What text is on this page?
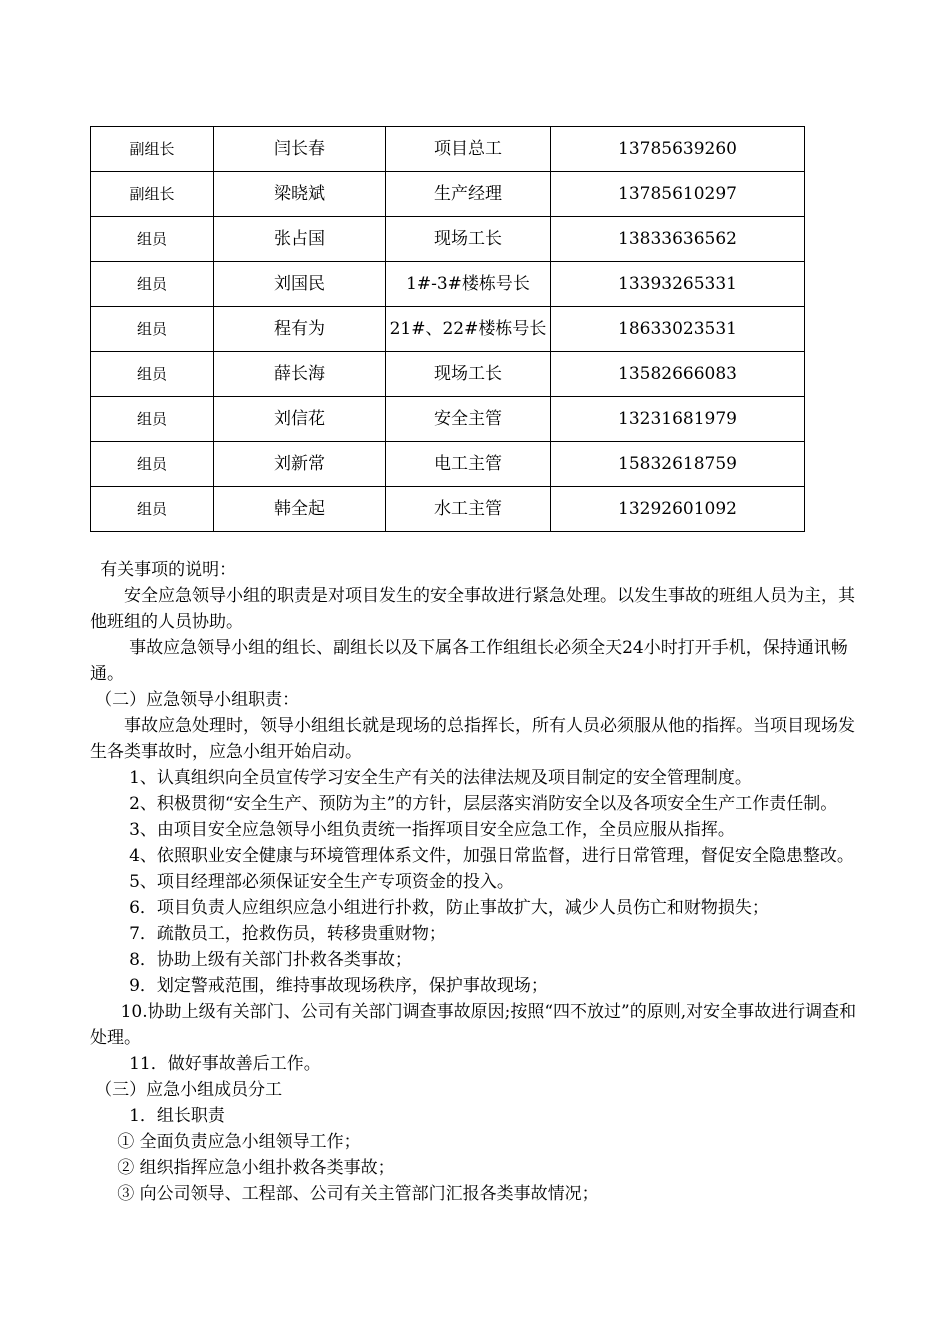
副组长	闫长春	项目总工	13785639260
副组长	梁晓斌	生产经理	13785610297
组员	张占国	现场工长	13833636562
组员	刘国民	1#-3#楼栋号长	13393265331
组员	程有为	21#、22#楼栋号长	18633023531
组员	薛长海	现场工长	13582666083
组员	刘信花	安全主管	13231681979
组员	刘新常	电工主管	15832618759
组员	韩全起	水工主管	13292601092

有关事项的说明：

安全应急领导小组的职责是对项目发生的安全事故进行紧急处理。以发生事故的班组人员为主，其他班组的人员协助。

事故应急领导小组的组长、副组长以及下属各工作组组长必须全天24小时打开手机，保持通讯畅通。

（二）应急领导小组职责：

事故应急处理时，领导小组组长就是现场的总指挥长，所有人员必须服从他的指挥。当项目现场发生各类事故时，应急小组开始启动。

1、认真组织向全员宣传学习安全生产有关的法律法规及项目制定的安全管理制度。

2、积极贯彻“安全生产、预防为主”的方针，层层落实消防安全以及各项安全生产工作责任制。

3、由项目安全应急领导小组负责统一指挥项目安全应急工作，全员应服从指挥。

4、依照职业安全健康与环境管理体系文件，加强日常监督，进行日常管理，督促安全隐患整改。

5、项目经理部必须保证安全生产专项资金的投入。

6．项目负责人应组织应急小组进行扑救，防止事故扩大，减少人员伤亡和财物损失；

7．疏散员工，抢救伤员，转移贵重财物；

8．协助上级有关部门扑救各类事故；

9．划定警戒范围，维持事故现场秩序，保护事故现场；

10.协助上级有关部门、公司有关部门调查事故原因;按照“四不放过”的原则,对安全事故进行调查和处理。

11．做好事故善后工作。

（三）应急小组成员分工

1．组长职责

① 全面负责应急小组领导工作；

② 组织指挥应急小组扑救各类事故；

③ 向公司领导、工程部、公司有关主管部门汇报各类事故情况；
